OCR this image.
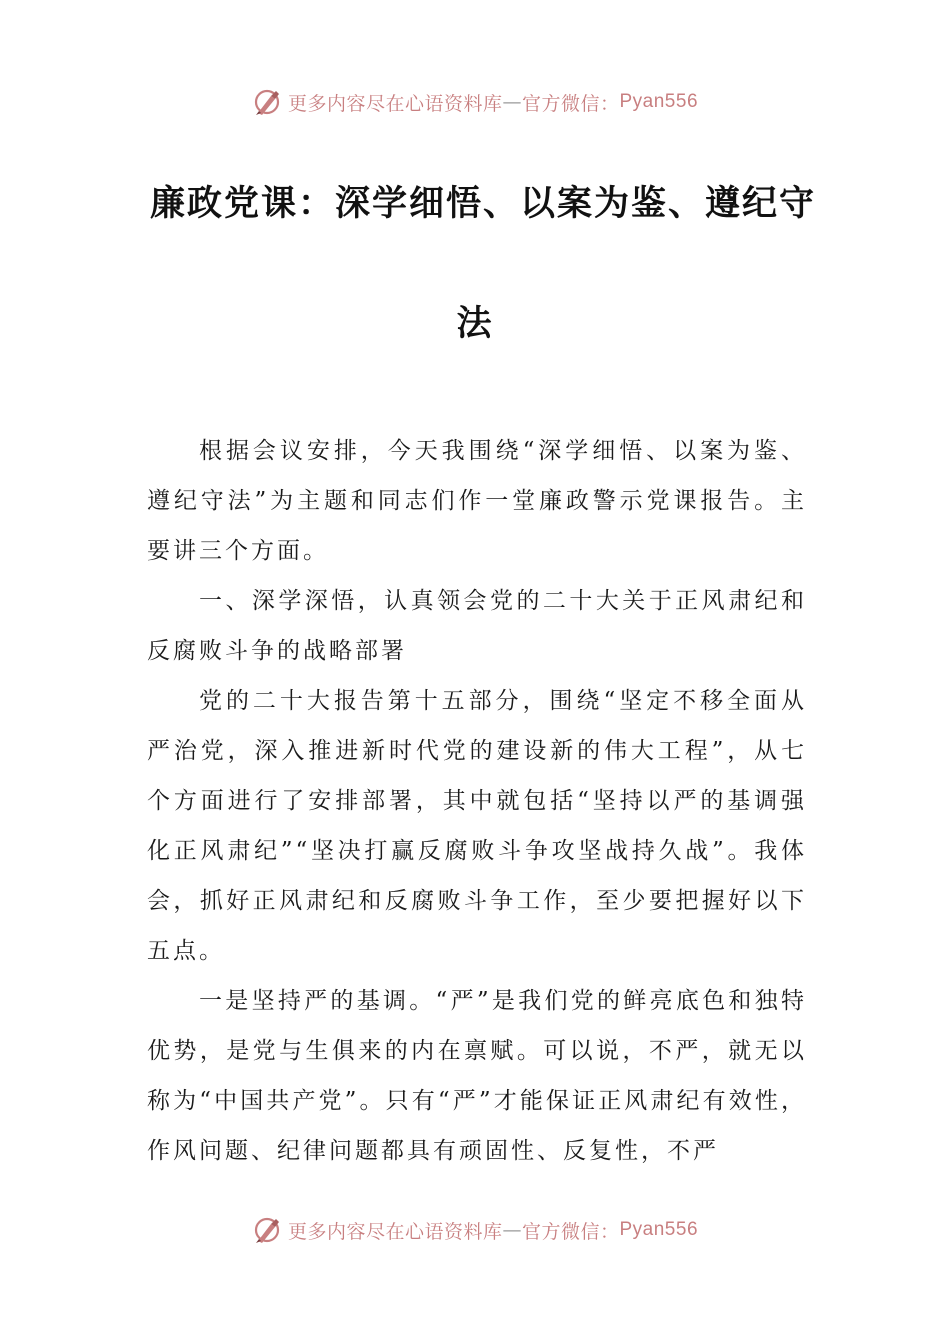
更多内容尽在心语资料库 — 官方微信： Pyan556
廉政党课：深学细悟、以案为鉴、遵纪守
法

根据会议安排，今天我围绕“深学细悟、以案为鉴、遵纪守法”为主题和同志们作一堂廉政警示党课报告。主要讲三个方面。

一、深学深悟，认真领会党的二十大关于正风肃纪和反腐败斗争的战略部署

党的二十大报告第十五部分，围绕“坚定不移全面从严治党，深入推进新时代党的建设新的伟大工程”，从七个方面进行了安排部署，其中就包括“坚持以严的基调强化正风肃纪”“坚决打赢反腐败斗争攻坚战持久战”。我体会，抓好正风肃纪和反腐败斗争工作，至少要把握好以下五点。

一是坚持严的基调。“严”是我们党的鲜亮底色和独特优势，是党与生俱来的内在禀赋。可以说，不严，就无以称为“中国共产党”。只有“严”才能保证正风肃纪有效性，作风问题、纪律问题都具有顽固性、反复性，不严

更多内容尽在心语资料库 — 官方微信： Pyan556
